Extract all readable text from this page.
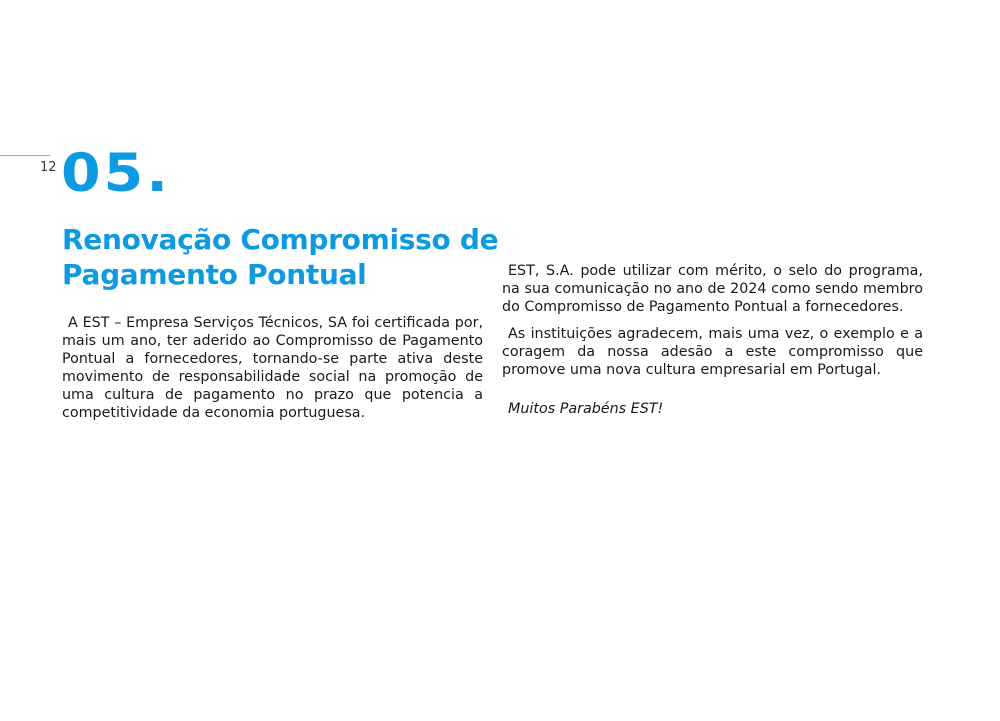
12 05.
Renovação Compromisso de Pagamento Pontual

A EST – Empresa Serviços Técnicos, SA foi certificada por, mais um ano, ter aderido ao Compromisso de Pagamento Pontual a fornecedores, tornando-se parte ativa deste movimento de responsabilidade social na promoção de uma cultura de pagamento no prazo que potencia a competitividade da economia portuguesa.

EST, S.A. pode utilizar com mérito, o selo do programa, na sua comunicação no ano de 2024 como sendo membro do Compromisso de Pagamento Pontual a fornecedores.

As instituições agradecem, mais uma vez, o exemplo e a coragem da nossa adesão a este compromisso que promove uma nova cultura empresarial em Portugal.

Muitos Parabéns EST!
